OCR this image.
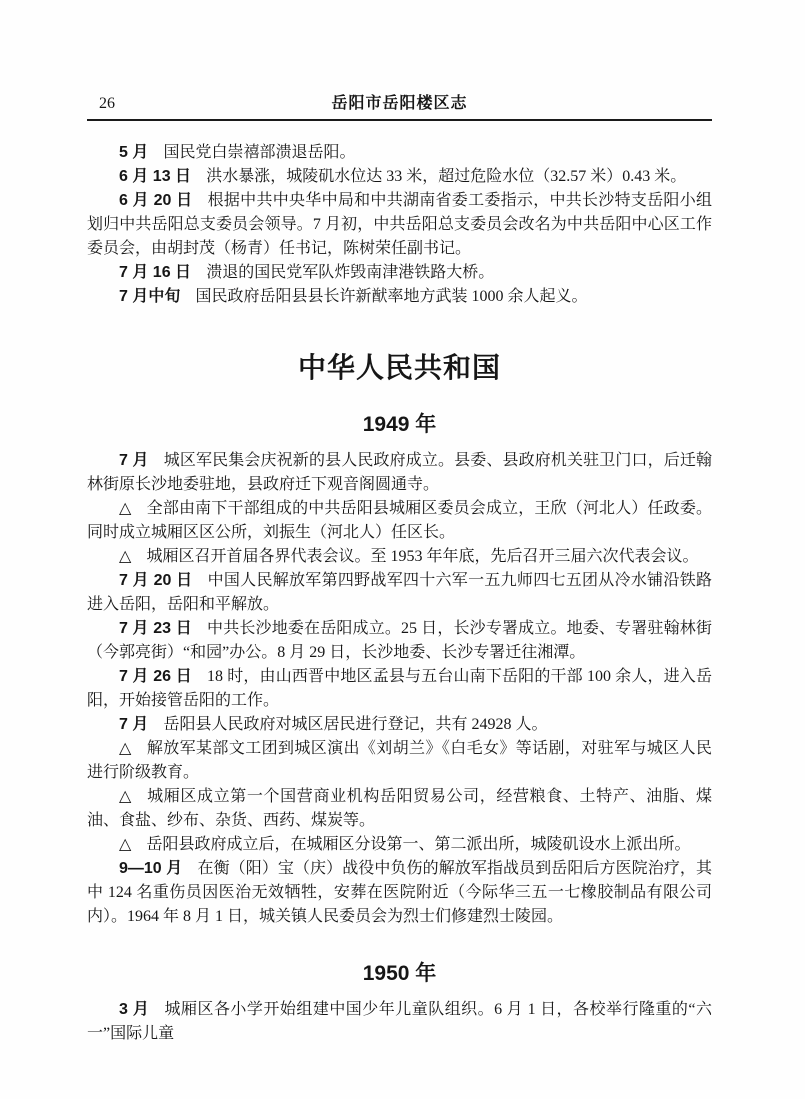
26	岳阳市岳阳楼区志

5 月 国民党白崇禧部溃退岳阳。

6 月 13 日 洪水暴涨，城陵矶水位达 33 米，超过危险水位（32.57 米）0.43 米。

6 月 20 日 根据中共中央华中局和中共湖南省委工委指示，中共长沙特支岳阳小组划归中共岳阳总支委员会领导。7 月初，中共岳阳总支委员会改名为中共岳阳中心区工作委员会，由胡封茂（杨青）任书记，陈树荣任副书记。

7 月 16 日 溃退的国民党军队炸毁南津港铁路大桥。

7 月中旬 国民政府岳阳县县长许新猷率地方武装 1000 余人起义。

中华人民共和国
1949 年

7 月 城区军民集会庆祝新的县人民政府成立。县委、县政府机关驻卫门口，后迁翰林街原长沙地委驻地，县政府迁下观音阁圆通寺。

△ 全部由南下干部组成的中共岳阳县城厢区委员会成立，王欣（河北人）任政委。同时成立城厢区区公所，刘振生（河北人）任区长。

△ 城厢区召开首届各界代表会议。至 1953 年年底，先后召开三届六次代表会议。

7 月 20 日 中国人民解放军第四野战军四十六军一五九师四七五团从冷水铺沿铁路进入岳阳，岳阳和平解放。

7 月 23 日 中共长沙地委在岳阳成立。25 日，长沙专署成立。地委、专署驻翰林街（今郭亮街）“和园”办公。8 月 29 日，长沙地委、长沙专署迁往湘潭。

7 月 26 日 18 时，由山西晋中地区孟县与五台山南下岳阳的干部 100 余人，进入岳阳，开始接管岳阳的工作。

7 月 岳阳县人民政府对城区居民进行登记，共有 24928 人。

△ 解放军某部文工团到城区演出《刘胡兰》《白毛女》等话剧，对驻军与城区人民进行阶级教育。

△ 城厢区成立第一个国营商业机构岳阳贸易公司，经营粮食、土特产、油脂、煤油、食盐、纱布、杂货、西药、煤炭等。

△ 岳阳县政府成立后，在城厢区分设第一、第二派出所，城陵矶设水上派出所。

9—10 月 在衡（阳）宝（庆）战役中负伤的解放军指战员到岳阳后方医院治疗，其中 124 名重伤员因医治无效牺牲，安葬在医院附近（今际华三五一七橡胶制品有限公司内）。1964 年 8 月 1 日，城关镇人民委员会为烈士们修建烈士陵园。

1950 年

3 月 城厢区各小学开始组建中国少年儿童队组织。6 月 1 日，各校举行隆重的“六一”国际儿童
